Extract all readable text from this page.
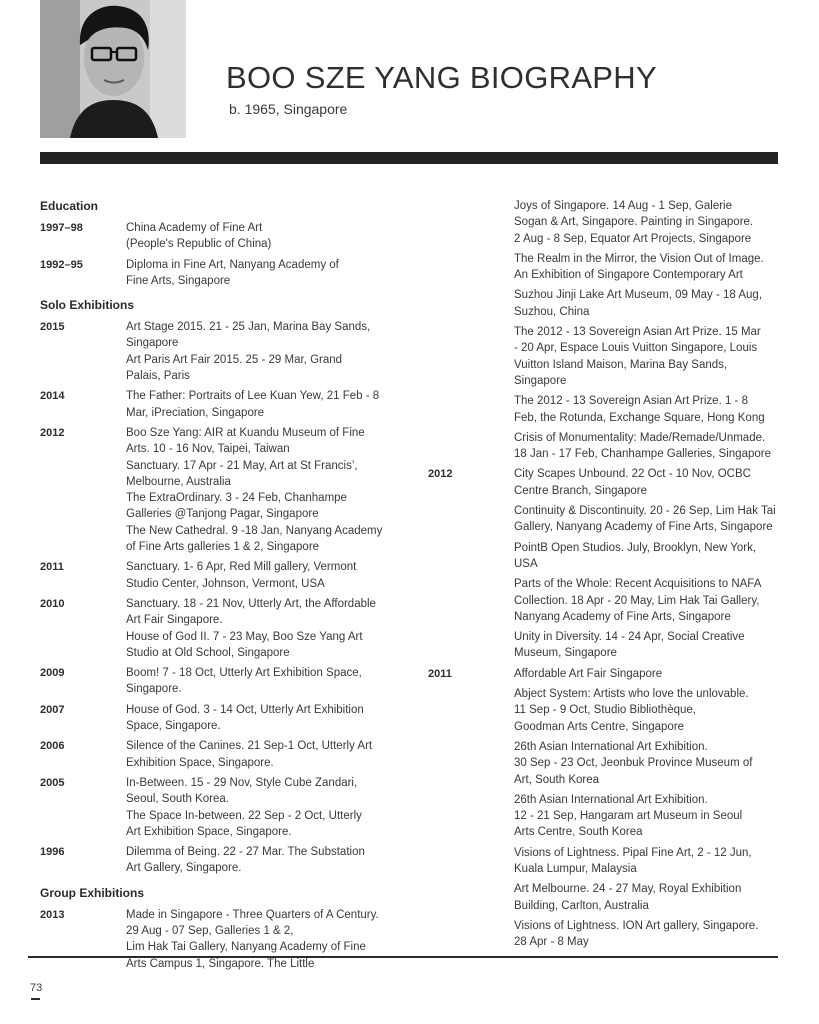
BOO SZE YANG BIOGRAPHY
b. 1965, Singapore
Education
1997–98	China Academy of Fine Art
(People's Republic of China)
1992–95	Diploma in Fine Art, Nanyang Academy of
Fine Arts, Singapore
Solo Exhibitions
2015	Art Stage 2015. 21 - 25 Jan, Marina Bay Sands,
Singapore
Art Paris Art Fair 2015. 25 - 29 Mar, Grand
Palais, Paris
2014	The Father: Portraits of Lee Kuan Yew, 21 Feb - 8
Mar, iPreciation, Singapore
2012	Boo Sze Yang: AIR at Kuandu Museum of Fine
Arts. 10 - 16 Nov, Taipei, Taiwan
Sanctuary. 17 Apr - 21 May, Art at St Francis’,
Melbourne, Australia
The ExtraOrdinary. 3 - 24 Feb, Chanhampe
Galleries @Tanjong Pagar, Singapore
The New Cathedral. 9 -18 Jan, Nanyang Academy
of Fine Arts galleries 1 & 2, Singapore
2011	Sanctuary. 1- 6 Apr, Red Mill gallery, Vermont
Studio Center, Johnson, Vermont, USA
2010	Sanctuary. 18 - 21 Nov, Utterly Art, the Affordable
Art Fair Singapore.
House of God II. 7 - 23 May, Boo Sze Yang Art
Studio at Old School, Singapore
2009	Boom! 7 - 18 Oct, Utterly Art Exhibition Space,
Singapore.
2007	House of God. 3 - 14 Oct, Utterly Art Exhibition
Space, Singapore.
2006	Silence of the Canines. 21 Sep-1 Oct, Utterly Art
Exhibition Space, Singapore.
2005	In-Between. 15 - 29 Nov, Style Cube Zandari,
Seoul, South Korea.
The Space In-between. 22 Sep - 2 Oct, Utterly
Art Exhibition Space, Singapore.
1996	Dilemma of Being. 22 - 27 Mar. The Substation
Art Gallery, Singapore.
Group Exhibitions
2013	Made in Singapore - Three Quarters of A Century.
29 Aug - 07 Sep, Galleries 1 & 2,
Lim Hak Tai Gallery, Nanyang Academy of Fine
Arts Campus 1, Singapore. The Little
Joys of Singapore. 14 Aug - 1 Sep, Galerie
Sogan & Art, Singapore. Painting in Singapore.
2 Aug - 8 Sep, Equator Art Projects, Singapore
The Realm in the Mirror, the Vision Out of Image.
An Exhibition of Singapore Contemporary Art
Suzhou Jinji Lake Art Museum, 09 May - 18 Aug,
Suzhou, China
The 2012 - 13 Sovereign Asian Art Prize. 15 Mar
- 20 Apr, Espace Louis Vuitton Singapore, Louis
Vuitton Island Maison, Marina Bay Sands,
Singapore
The 2012 - 13 Sovereign Asian Art Prize. 1 - 8
Feb, the Rotunda, Exchange Square, Hong Kong
Crisis of Monumentality: Made/Remade/Unmade.
18 Jan - 17 Feb, Chanhampe Galleries, Singapore
2012	City Scapes Unbound. 22 Oct - 10 Nov, OCBC
Centre Branch, Singapore
Continuity & Discontinuity. 20 - 26 Sep, Lim Hak Tai
Gallery, Nanyang Academy of Fine Arts, Singapore
PointB Open Studios. July, Brooklyn, New York,
USA
Parts of the Whole: Recent Acquisitions to NAFA
Collection. 18 Apr - 20 May, Lim Hak Tai Gallery,
Nanyang Academy of Fine Arts, Singapore
Unity in Diversity. 14 - 24 Apr, Social Creative
Museum, Singapore
2011	Affordable Art Fair Singapore
Abject System: Artists who love the unlovable.
11 Sep - 9 Oct, Studio Bibliothèque,
Goodman Arts Centre, Singapore
26th Asian International Art Exhibition.
30 Sep - 23 Oct, Jeonbuk Province Museum of
Art, South Korea
26th Asian International Art Exhibition.
12 - 21 Sep, Hangaram art Museum in Seoul
Arts Centre, South Korea
Visions of Lightness. Pipal Fine Art, 2 - 12 Jun,
Kuala Lumpur, Malaysia
Art Melbourne. 24 - 27 May, Royal Exhibition
Building, Carlton, Australia
Visions of Lightness. ION Art gallery, Singapore.
28 Apr - 8 May
73
